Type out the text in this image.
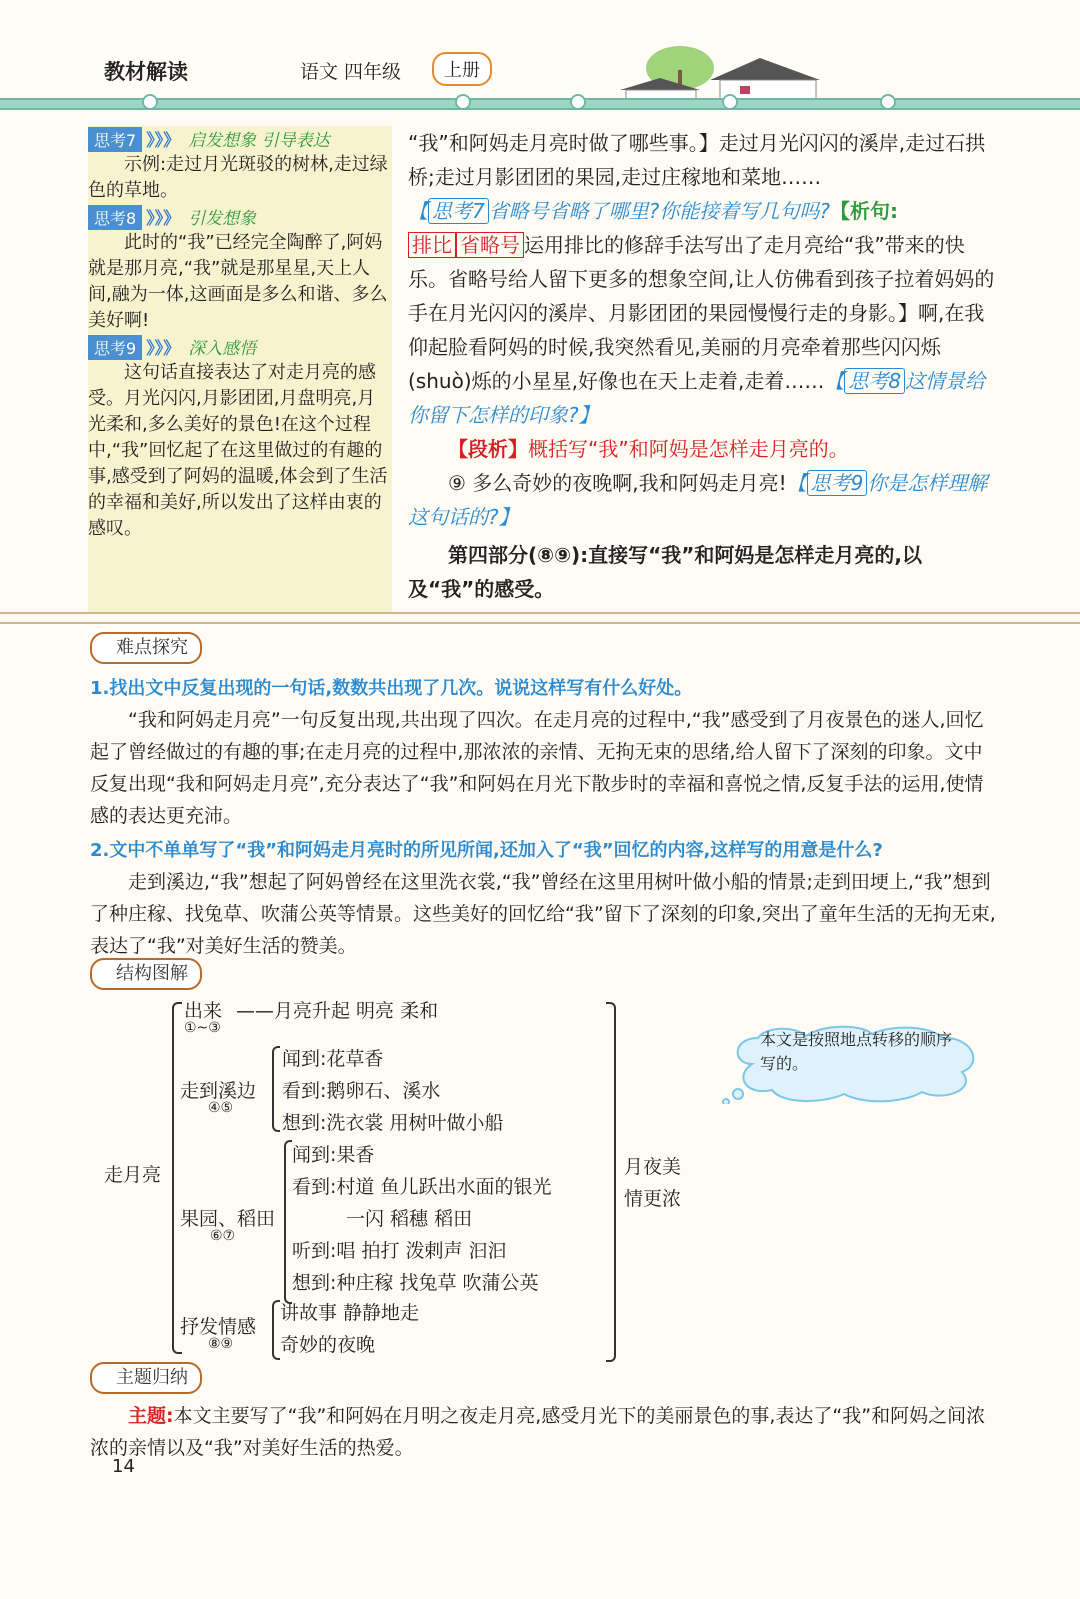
教材解读	语文 四年级	上册

思考7 》》》 启发想象 引导表达

示例:走过月光斑驳的树林,走过绿色的草地。

思考8 》》》 引发想象

此时的“我”已经完全陶醉了,阿妈就是那月亮,“我”就是那星星,天上人间,融为一体,这画面是多么和谐、多么美好啊!

思考9 》》》 深入感悟

这句话直接表达了对走月亮的感受。月光闪闪,月影团团,月盘明亮,月光柔和,多么美好的景色!在这个过程中,“我”回忆起了在这里做过的有趣的事,感受到了阿妈的温暖,体会到了生活的幸福和美好,所以发出了这样由衷的感叹。

“我”和阿妈走月亮时做了哪些事。】走过月光闪闪的溪岸,走过石拱桥;走过月影团团的果园,走过庄稼地和菜地……

【 思考7 省略号省略了哪里?你能接着写几句吗?【析句:

排比 省略号 运用排比的修辞手法写出了走月亮给“我”带来的快乐。省略号给人留下更多的想象空间,让人仿佛看到孩子拉着妈妈的手在月光闪闪的溪岸、月影团团的果园慢慢行走的身影。】啊,在我仰起脸看阿妈的时候,我突然看见,美丽的月亮牵着那些闪闪烁(shuò)烁的小星星,好像也在天上走着,走着……【 思考8 这情景给你留下怎样的印象?】

【段析】概括写“我”和阿妈是怎样走月亮的。

⑨ 多么奇妙的夜晚啊,我和阿妈走月亮!【 思考9 你是怎样理解这句话的?】

第四部分(⑧⑨):直接写“我”和阿妈是怎样走月亮的,以及“我”的感受。

难点探究
1.找出文中反复出现的一句话,数数共出现了几次。说说这样写有什么好处。
“我和阿妈走月亮”一句反复出现,共出现了四次。在走月亮的过程中,“我”感受到了月夜景色的迷人,回忆起了曾经做过的有趣的事;在走月亮的过程中,那浓浓的亲情、无拘无束的思绪,给人留下了深刻的印象。文中反复出现“我和阿妈走月亮”,充分表达了“我”和阿妈在月光下散步时的幸福和喜悦之情,反复手法的运用,使情感的表达更充沛。
2.文中不单单写了“我”和阿妈走月亮时的所见所闻,还加入了“我”回忆的内容,这样写的用意是什么?
走到溪边,“我”想起了阿妈曾经在这里洗衣裳,“我”曾经在这里用树叶做小船的情景;走到田埂上,“我”想到了种庄稼、找兔草、吹蒲公英等情景。这些美好的回忆给“我”留下了深刻的印象,突出了童年生活的无拘无束,表达了“我”对美好生活的赞美。
结构图解
走月亮
出来
①~③
——月亮升起 明亮 柔和
走到溪边
④⑤
闻到:花草香
看到:鹅卵石、溪水
想到:洗衣裳 用树叶做小船
果园、稻田
⑥⑦
闻到:果香
看到:村道 鱼儿跃出水面的银光
一闪 稻穗 稻田
听到:唱 拍打 泼剌声 汩汩
想到:种庄稼 找兔草 吹蒲公英
抒发情感
⑧⑨
讲故事 静静地走
奇妙的夜晚
月夜美
情更浓
本文是按照地点转移的顺序写的。
主题归纳
主题:本文主要写了“我”和阿妈在月明之夜走月亮,感受月光下的美丽景色的事,表达了“我”和阿妈之间浓浓的亲情以及“我”对美好生活的热爱。
14
